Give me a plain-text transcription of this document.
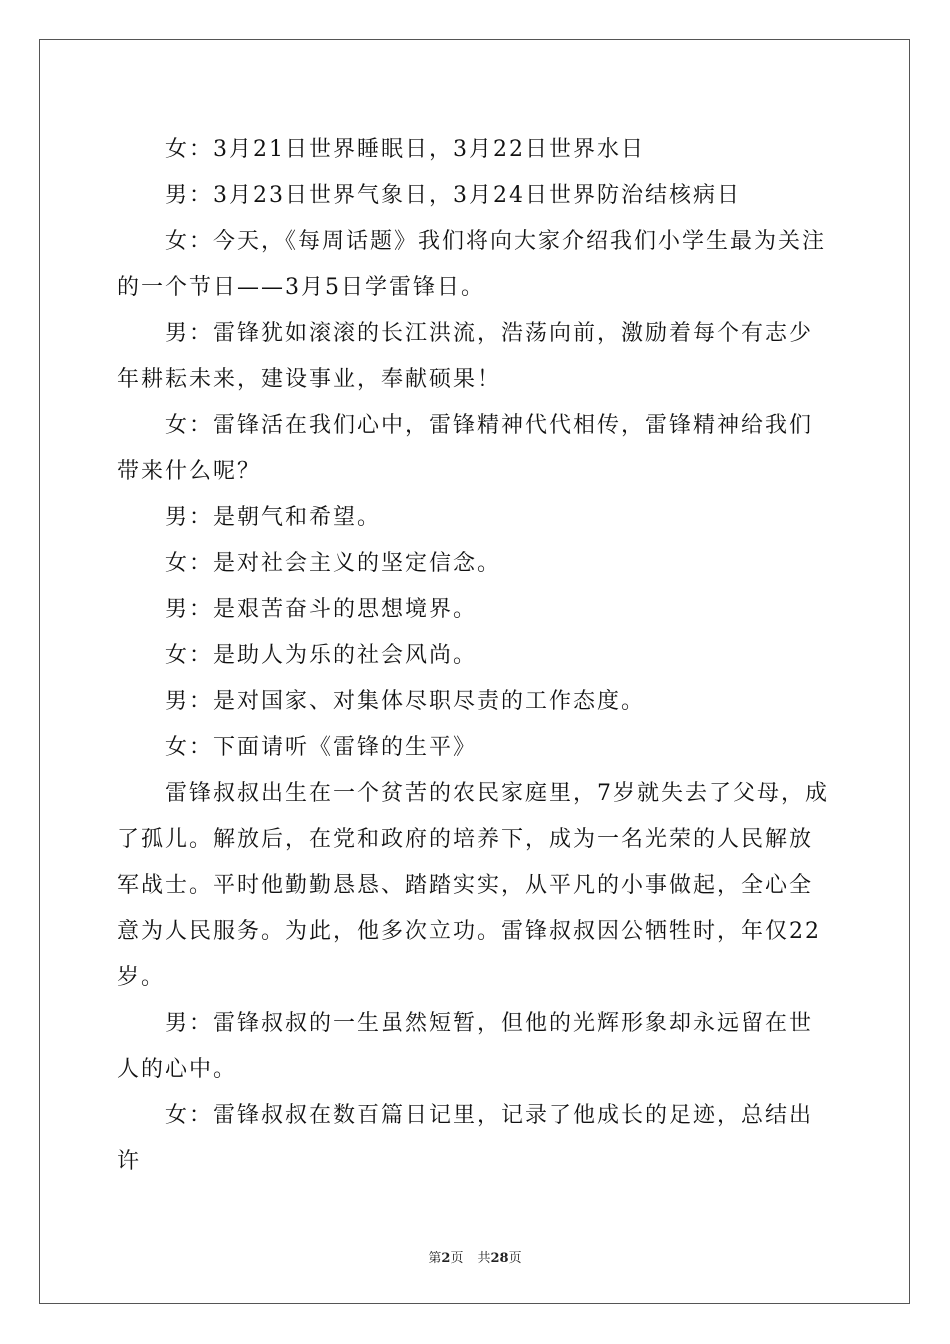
女：3月21日世界睡眠日，3月22日世界水日

男：3月23日世界气象日，3月24日世界防治结核病日

女：今天，《每周话题》我们将向大家介绍我们小学生最为关注的一个节日——3月5日学雷锋日。

男：雷锋犹如滚滚的长江洪流，浩荡向前，激励着每个有志少年耕耘未来，建设事业，奉献硕果！

女：雷锋活在我们心中，雷锋精神代代相传，雷锋精神给我们带来什么呢？

男：是朝气和希望。

女：是对社会主义的坚定信念。

男：是艰苦奋斗的思想境界。

女：是助人为乐的社会风尚。

男：是对国家、对集体尽职尽责的工作态度。

女：下面请听《雷锋的生平》

雷锋叔叔出生在一个贫苦的农民家庭里，7岁就失去了父母，成了孤儿。解放后，在党和政府的培养下，成为一名光荣的人民解放军战士。平时他勤勤恳恳、踏踏实实，从平凡的小事做起，全心全意为人民服务。为此，他多次立功。雷锋叔叔因公牺牲时，年仅22岁。

男：雷锋叔叔的一生虽然短暂，但他的光辉形象却永远留在世人的心中。

女：雷锋叔叔在数百篇日记里，记录了他成长的足迹，总结出许

第2页 共28页
